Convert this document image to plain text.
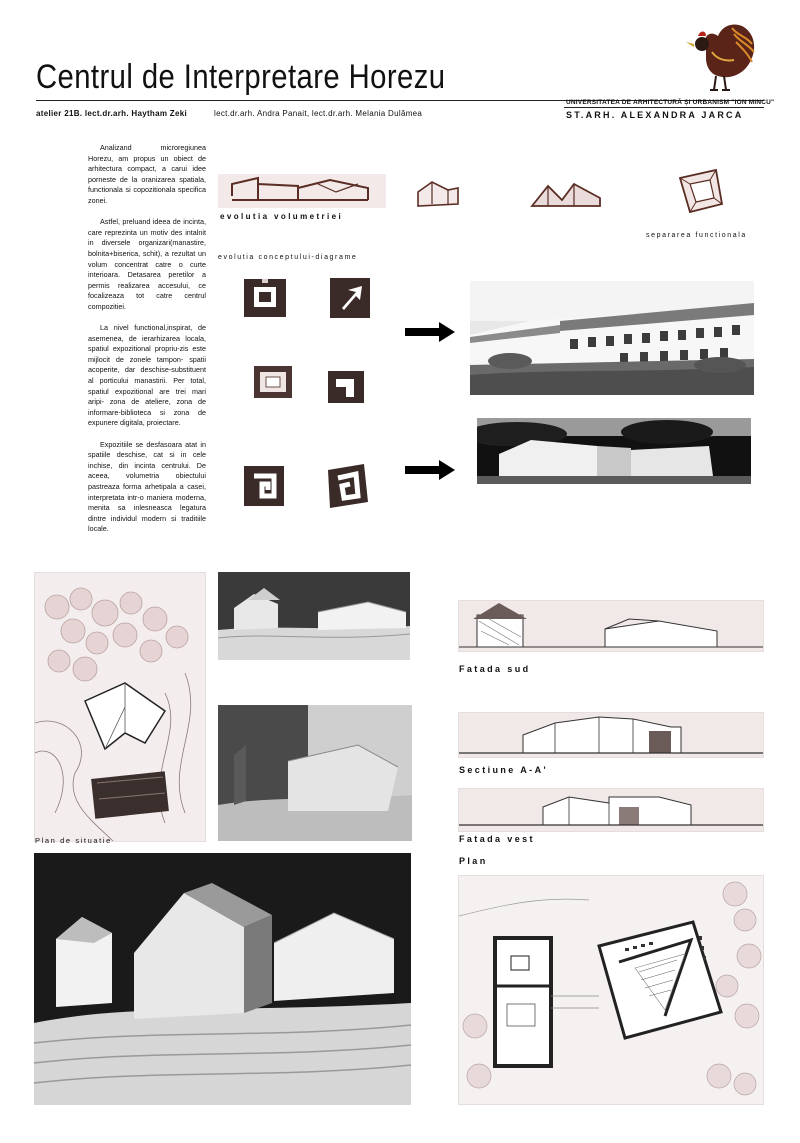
Centrul de Interpretare Horezu
atelier 21B. lect.dr.arh. Haytham Zeki	lect.dr.arh. Andra Panait, lect.dr.arh. Melania Dulămea
UNIVERSITATEA DE ARHITECTURĂ ȘI URBANISM "ION MINCU"
ST.ARH. ALEXANDRA JARCA

Analizand microregiunea Horezu, am propus un obiect de arhitectura compact, a carui idee porneste de la oranizarea spatiala, functionala si copozitionala specifica zonei.

Astfel, preluand ideea de incinta, care reprezinta un motiv des intalnit in diversele organizari(manastire, bolnita+biserica, schit), a rezultat un volum concentrat catre o curte interioara. Detasarea peretilor a permis realizarea accesului, ce focalizeaza tot catre centrul compozitiei.

La nivel functional,inspirat, de asemenea, de ierarhizarea locala, spatiul expozitional propriu-zis este mijlocit de zonele tampon- spatii acoperite, dar deschise-substituent al porticului manastirii. Per total, spatiul expozitional are trei mari aripi- zona de ateliere, zona de informare-biblioteca si zona de expunere digitala, proiectare.

Expozitiile se desfasoara atat in spatiile deschise, cat si in cele inchise, din incinta centrului. De aceea, volumetria obiectului pastreaza forma arhetipala a casei, interpretata intr-o maniera moderna, menita sa inlesneasca legatura dintre individul modern si traditiile locale.

evolutia volumetriei
separarea functionala
evolutia conceptului-diagrame
Plan de situatie
Fatada sud
Sectiune A-A'
Fatada vest
Plan
